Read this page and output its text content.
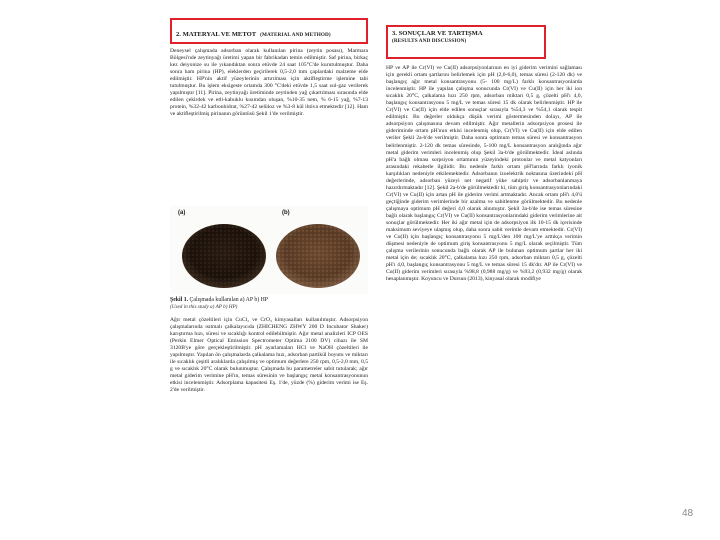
2. MATERYAL VE METOT (MATERIAL AND METHOD)

Deneysel çalışmada adsorban olarak kullanılan pirina (zeytin posası), Marmara Bölgesi'nde zeytinyağı üretimi yapan bir fabrikadan temin edilmiştir. Saf pirina, birkaç kez deiyonize su ile yıkandıktan sonra etüvde 24 saat 105°C'de kurutulmuştur. Daha sonra ham pirina (HP), eleklerden geçirilerek 0,5-2,0 mm çaplardaki malzeme elde edilmiştir. HP'nin aktif yüzeylerinin artırılması için aktifleştirme işlemine tabi tutulmuştur. Bu işlem eksigeste ortamda 300 °C'deki etüvde 1,5 saat ısıl-gaz verilerek yapılmıştır [11]. Pirina, zeytinyağı üretiminde zeytinden yağ çıkartılması sırasında elde edilen çekirdek ve etli-kabuklu kısımdan oluşan, %10-35 nem, % 6-15 yağ, %7-13 protein, %32-42 karbonhidrat, %27-42 selüloz ve %3-8 kül ihtiva etmektedir [12]. Ham ve aktifleştirilmiş pirinanın görüntüsü Şekil 1'de verilmiştir.

(a)	(b)
Şekil 1. Çalışmada kullanılan a) AP b) HP
(Used in this study a) AP b) HP)

Ağır metal çözeltileri için CuCl₂ ve CrO₃ kimyasalları kullanılmıştır. Adsorpsiyon çalışmalarında ısıtmalı çalkalayıcıda (ZHICHENG ZHWY 200 D Incubator Shaker) karıştırma hızı, süresi ve sıcaklığı kontrol edilebilmiştir. Ağır metal analizleri ICP OES (Perkin Elmer Optical Emission Spectrometer Optima 2100 DV) cihazı ile SM 3120B'ye göre gerçekleştirilmiştir. pH ayarlamaları HCl ve NaOH çözeltileri ile yapılmıştır. Yapılan ön çalışmalarda çalkalama hızı, adsorban partikül boyutu ve miktarı ile sıcaklık çeşitli aralıklarda çalışılmış ve optimum değerlere 250 rpm, 0,5-2,0 mm, 0,5 g ve sıcaklık 20°C olarak bulunmuştur. Çalışmada bu parametreler sabit tutularak; ağır metal giderim verimine pH'ın, temas süresinin ve başlangıç metal konsantrasyonunun etkisi incelenmiştir. Adsorplama kapasitesi Eş. 1'de, yüzde (%) giderim verimi ise Eş. 2'de verilmiştir.

3. SONUÇLAR VE TARTIŞMA
(RESULTS AND DISCUSSION)

HP ve AP ile Cr(VI) ve Cu(II) adsorpsiyonlarının en iyi giderim verimini sağlaması için gerekli ortam şartlarını belirlemek için pH (2,0-6,0), temas süresi (2-120 dk) ve başlangıç ağır metal konsantrasyonu (5- 100 mg/L) farklı konsantrasyonlarda incelenmiştir. HP ile yapılan çalışma sonucunda Cr(VI) ve Cu(II) için her iki ion sıcaklık 20°C, çalkalama hızı 250 rpm, adsorban miktarı 0,5 g, çözelti pH'ı 4,0, başlangıç konsantrasyonu 5 mg/L ve temas süresi 15 dk olarak belirlenmiştir. HP ile Cr(VI) ve Cu(II) için elde edilen sonuçlar sırasıyla %54,3 ve %54,1 olarak tespit edilmiştir. Bu değerler oldukça düşük verimi göstermesinden dolayı, AP ile adsorpsiyon çalışmasına devam edilmiştir. Ağır metallerin adsorpsiyon prosesi ile gideriminde ortam pH'ının etkisi incelenmiş olup, Cr(VI) ve Cu(II) için elde edilen veriler Şekil 2a-b'de verilmiştir. Daha sonra optimum temas süresi ve konsantrasyon belirlenmiştir. 2-120 dk temas süresinde, 5-100 mg/L konsantrasyon aralığında ağır metal giderim verimleri incelenmiş olup Şekil 3a-b'de görülmektedir. İdeal aslında pH'a bağlı olması sorpsiyon ortamının yüzeyindeki protonlar ve metal katyonları arasındaki rekabetle ilgilidir. Bu nedenle farklı ortam pH'larında farklı iyonik karşılıkları nedeniyle etkilemektedir. Adsorbanın izoelektrik noktasına üzerindeki pH değerlerinde, adsorban yüzeyi net negatif yüke sahiptir ve adsorbanlanmaya hazırdırmaktadır [12]. Şekil 2a-b'de görülmektedir ki, tüm giriş konsantrasyonlarındaki Cr(VI) ve Cu(II) için artan pH ile giderim verimi artmaktadır. Ancak ortam pH'ı 4,0'ü geçtiğinde giderim verimlerinde bir azalma ve sabitlenme görülmektedir. Bu nedenle çalışmaya optimum pH değeri 4,0 olarak alınmıştır. Şekil 3a-b'de ise temas süresine bağlı olarak başlangıç Cr(VI) ve Cu(II) konsantrasyonlarındaki giderim verimlerine ait sonuçlar görülmektedir. Her iki ağır metal için de adsorpsiyon ilk 10-15 dk içerisinde maksimum seviyeye ulaşmış olup, daha sonra sabit verimle devam etmektedir. Cr(VI) ve Cu(II) için başlangıç konsantrasyonu 5 mg/L'den 100 mg/L'ye arttıkça verimin düşmesi nedeniyle de optimum giriş konsantrasyonu 5 mg/L olarak seçilmiştir. Tüm çalışma verilerinin sonucunda bağlı olarak AP ile bulunan optimum şartlar her iki metal için de; sıcaklık 20°C, çalkalama hızı 250 rpm, adsorban miktarı 0,5 g, çözelti pH'ı 4,0, başlangıç konsantrasyonu 5 mg/L ve temas süresi 15 dk'dır. AP ile Cr(VI) ve Cu(II) giderim verimleri sırasıyla %98,8 (0,988 mg/g) ve %93,2 (0,932 mg/g) olarak hesaplanmıştır. Koyuncu ve Dursun (2013), kinyasal olarak modifiye

48
